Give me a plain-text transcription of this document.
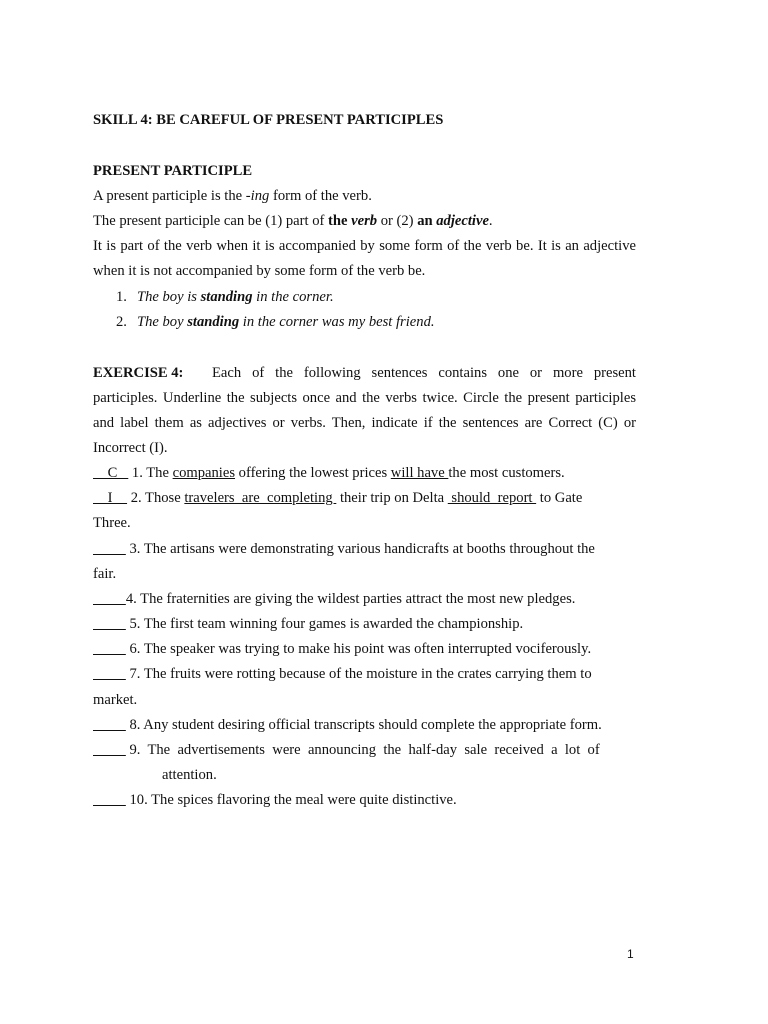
SKILL 4: BE CAREFUL OF PRESENT PARTICIPLES
PRESENT PARTICIPLE
A present participle is the -ing form of the verb.
The present participle can be (1) part of the verb or (2) an adjective.
It is part of the verb when it is accompanied by some form of the verb be. It is an adjective
when it is not accompanied by some form of the verb be.
1. The boy is standing in the corner.
2. The boy standing in the corner was my best friend.
EXERCISE 4: Each of the following sentences contains one or more present
participles. Underline the subjects once and the verbs twice. Circle the present participles
and label them as adjectives or verbs. Then, indicate if the sentences are Correct (C) or
Incorrect (I).
C    1. The companies offering the lowest prices will have the most customers.
I     2. Those travelers  are  completing  their trip on Delta  should  report  to Gate
Three.
3. The artisans were demonstrating various handicrafts at booths throughout the
fair.
4. The fraternities are giving the wildest parties attract the most new pledges.
5. The first team winning four games is awarded the championship.
6. The speaker was trying to make his point was often interrupted vociferously.
7. The fruits were rotting because of the moisture in the crates carrying them to
market.
8. Any student desiring official transcripts should complete the appropriate form.
9.  The  advertisements  were  announcing  the  half-day  sale  received  a  lot  of
attention.
10. The spices flavoring the meal were quite distinctive.
1
